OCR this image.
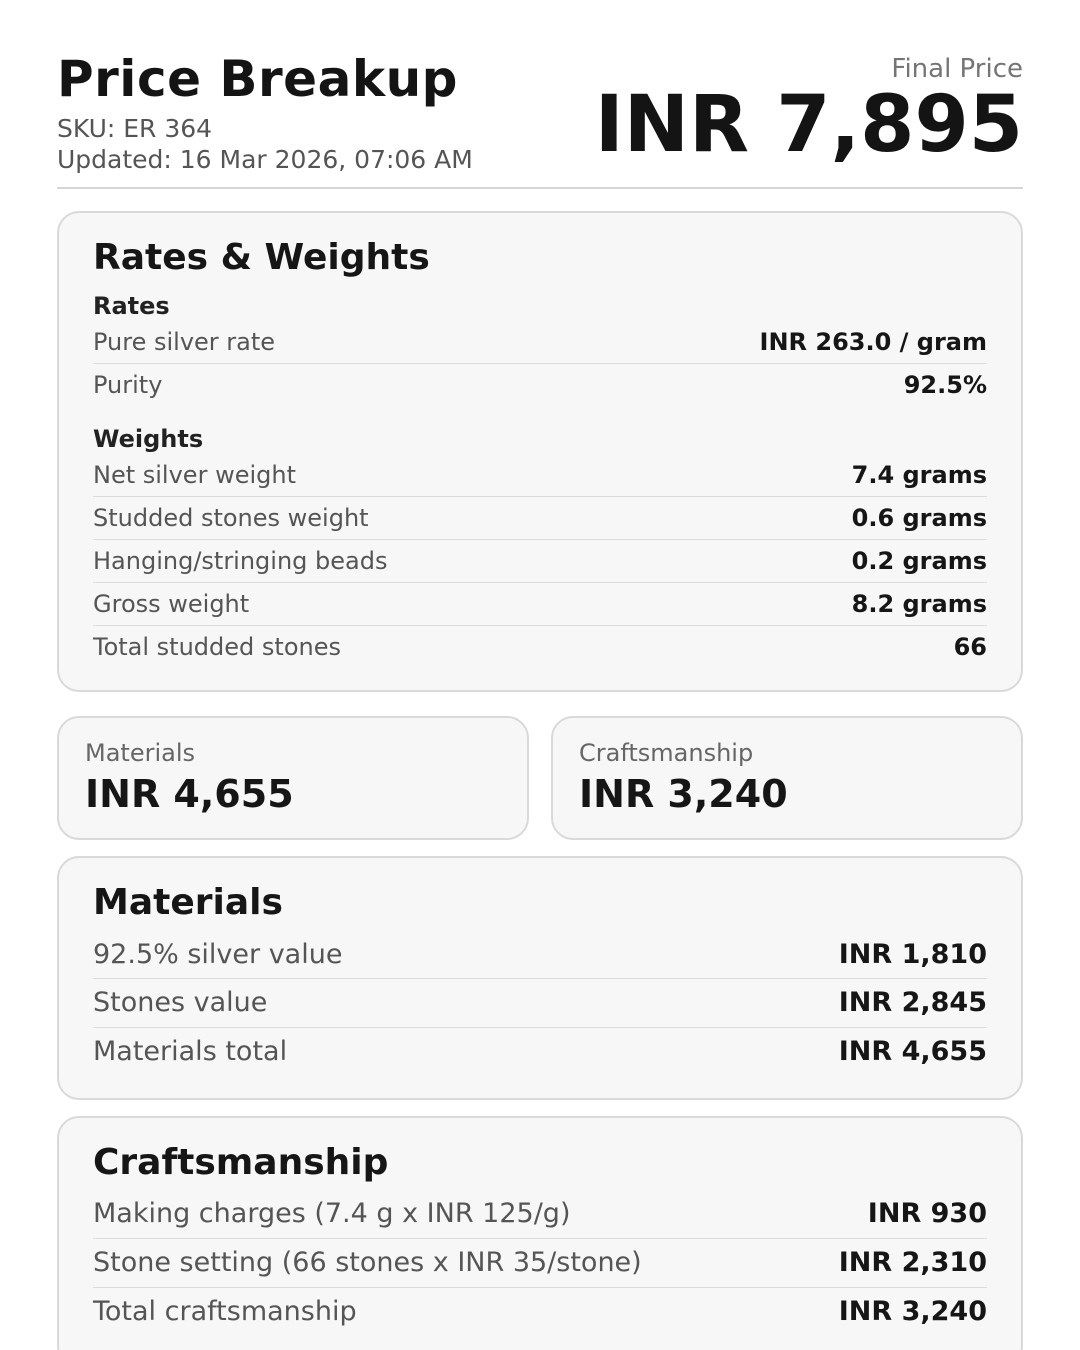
Price Breakup
SKU: ER 364
Updated: 16 Mar 2026, 07:06 AM
Final Price
INR 7,895
Rates & Weights
Rates
Pure silver rate	INR 263.0 / gram
Purity	92.5%
Weights
Net silver weight	7.4 grams
Studded stones weight	0.6 grams
Hanging/stringing beads	0.2 grams
Gross weight	8.2 grams
Total studded stones	66
Materials
INR 4,655
Craftsmanship
INR 3,240
Materials
92.5% silver value	INR 1,810
Stones value	INR 2,845
Materials total	INR 4,655
Craftsmanship
Making charges (7.4 g x INR 125/g)	INR 930
Stone setting (66 stones x INR 35/stone)	INR 2,310
Total craftsmanship	INR 3,240
